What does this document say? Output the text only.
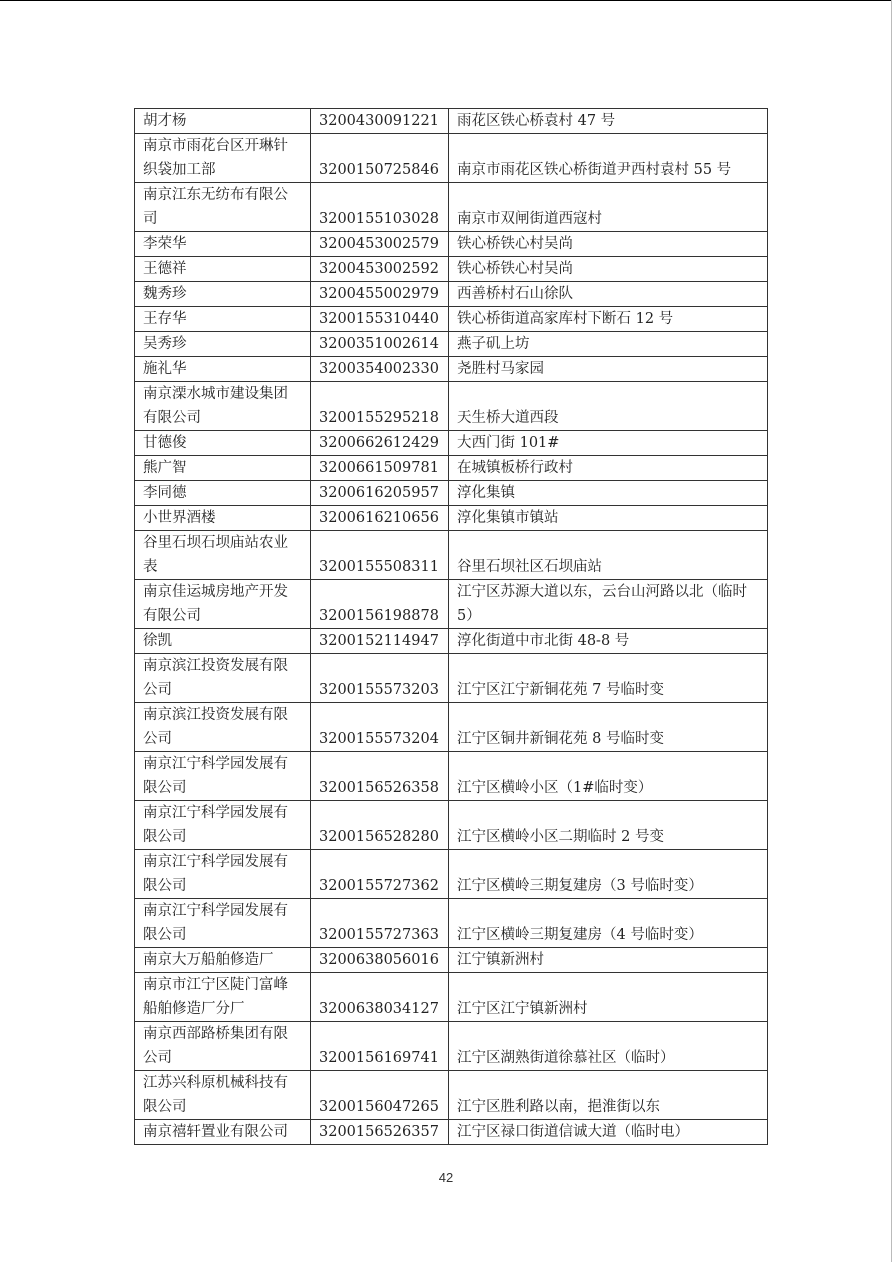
胡才杨	3200430091221	雨花区铁心桥袁村 47 号
南京市雨花台区开琳针织袋加工部	3200150725846	南京市雨花区铁心桥街道尹西村袁村 55 号
南京江东无纺布有限公司	3200155103028	南京市双闸街道西寇村
李荣华	3200453002579	铁心桥铁心村吴尚
王德祥	3200453002592	铁心桥铁心村吴尚
魏秀珍	3200455002979	西善桥村石山徐队
王存华	3200155310440	铁心桥街道高家库村下断石 12 号
吴秀珍	3200351002614	燕子矶上坊
施礼华	3200354002330	尧胜村马家园
南京溧水城市建设集团有限公司	3200155295218	天生桥大道西段
甘德俊	3200662612429	大西门街 101#
熊广智	3200661509781	在城镇板桥行政村
李同德	3200616205957	淳化集镇
小世界酒楼	3200616210656	淳化集镇市镇站
谷里石坝石坝庙站农业表	3200155508311	谷里石坝社区石坝庙站
南京佳运城房地产开发有限公司	3200156198878	江宁区苏源大道以东，云台山河路以北（临时 5）
徐凯	3200152114947	淳化街道中市北街 48-8 号
南京滨江投资发展有限公司	3200155573203	江宁区江宁新铜花苑 7 号临时变
南京滨江投资发展有限公司	3200155573204	江宁区铜井新铜花苑 8 号临时变
南京江宁科学园发展有限公司	3200156526358	江宁区横岭小区（1#临时变）
南京江宁科学园发展有限公司	3200156528280	江宁区横岭小区二期临时 2 号变
南京江宁科学园发展有限公司	3200155727362	江宁区横岭三期复建房（3 号临时变）
南京江宁科学园发展有限公司	3200155727363	江宁区横岭三期复建房（4 号临时变）
南京大万船舶修造厂	3200638056016	江宁镇新洲村
南京市江宁区陡门富峰船舶修造厂分厂	3200638034127	江宁区江宁镇新洲村
南京西部路桥集团有限公司	3200156169741	江宁区湖熟街道徐慕社区（临时）
江苏兴科原机械科技有限公司	3200156047265	江宁区胜利路以南，挹淮街以东
南京禧轩置业有限公司	3200156526357	江宁区禄口街道信诚大道（临时电）
42
